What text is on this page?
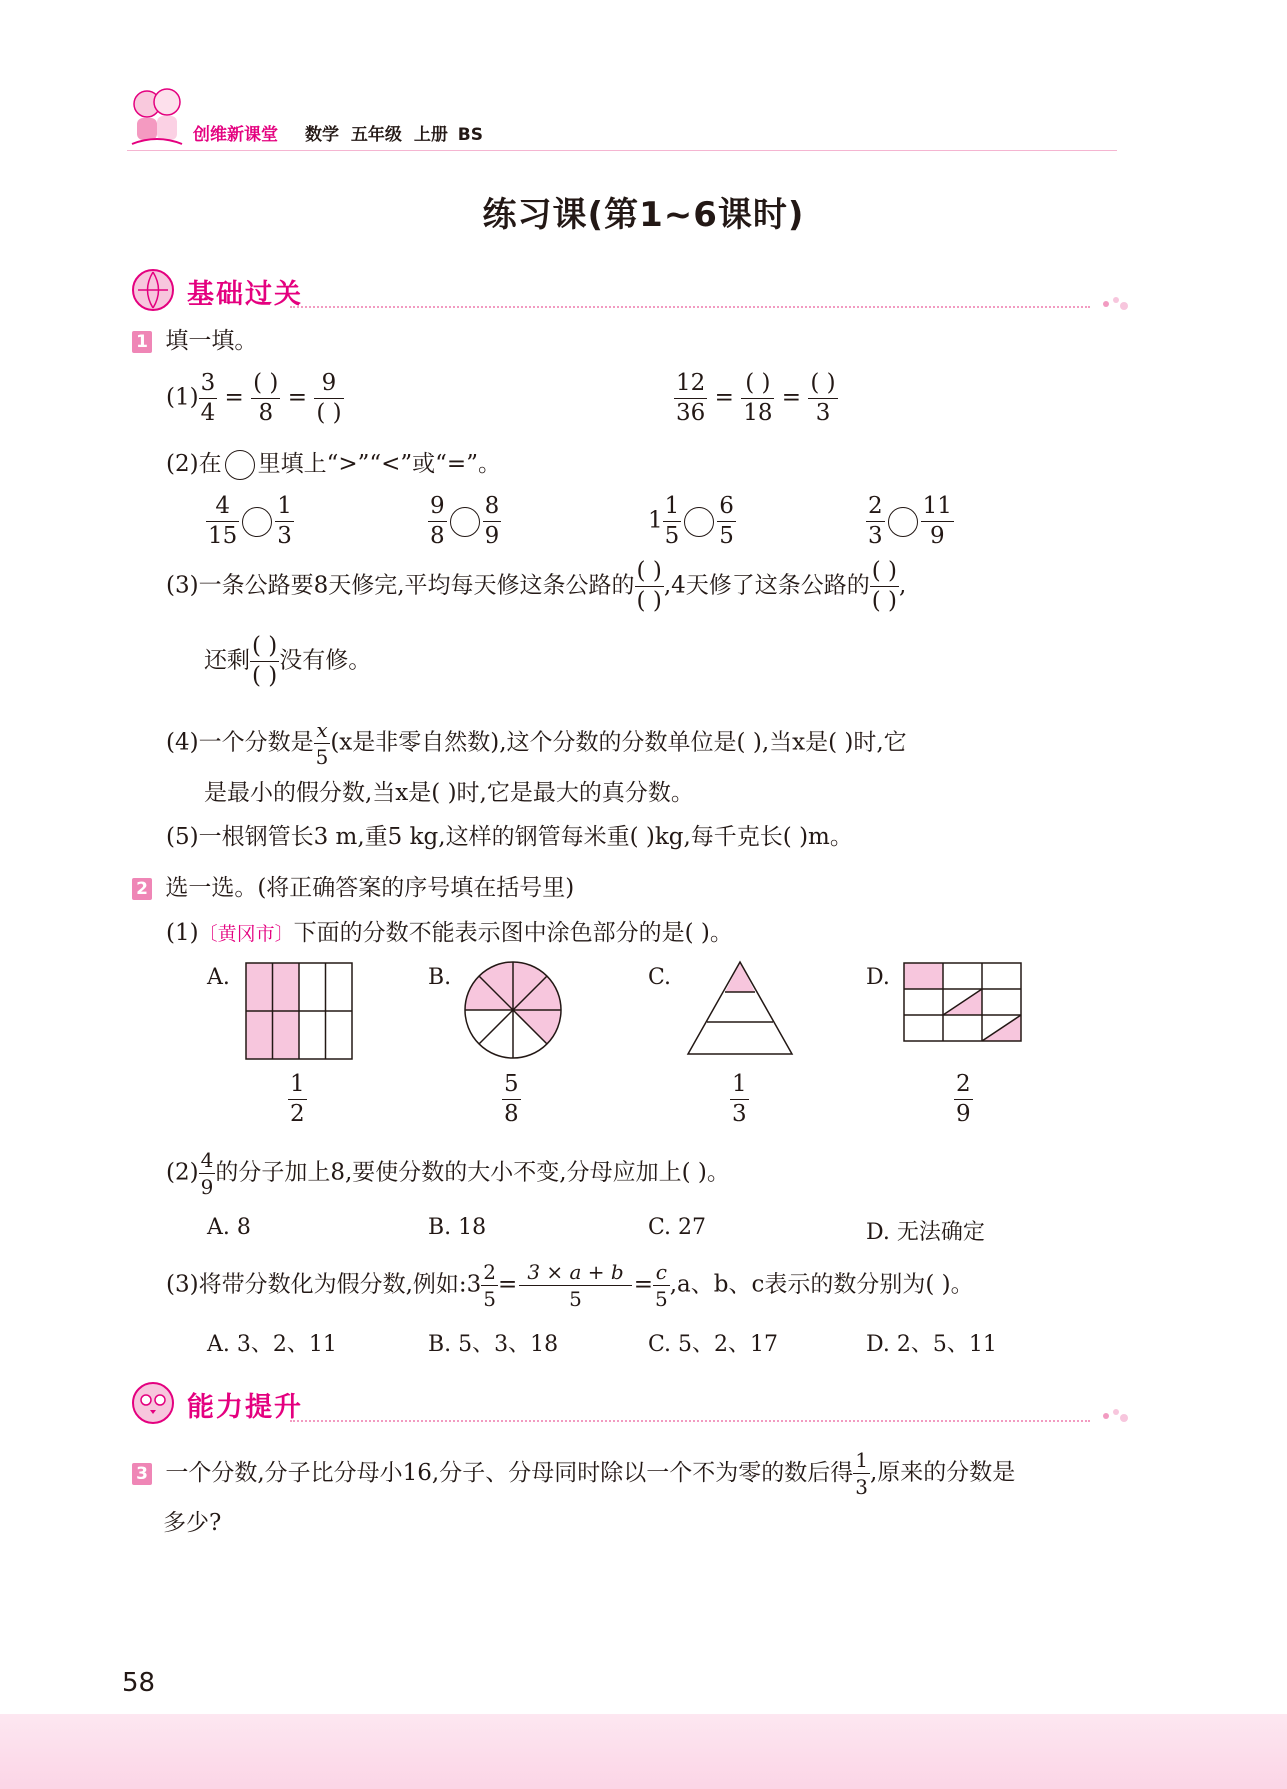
创维新课堂 数学 五年级 上册 BS
练习课(第1~6课时)
基础过关
1 填一填。
$(1) \frac{3}{4} = \frac{( )}{8} = \frac{9}{( )}$	$\frac{12}{36} = \frac{( )}{18} = \frac{( )}{3}$
(2)在 里填上“>”“<”或“=”。
$\frac{4}{15} \frac{1}{3}$	$\frac{9}{8} \frac{8}{9}$	$1 \frac{1}{5} \frac{6}{5}$	$\frac{2}{3} \frac{11}{9}$
(3)一条公路要8天修完,平均每天修这条公路的 $\frac{( )}{( )} ,4$天修了这条公路的 $\frac{( )}{( )}$ ,
还剩 $\frac{( )}{( )}$ 没有修。
(4)一个分数是 $\frac{x}{5} (x$是非零自然数),这个分数的分数单位是( ),当x是( )时,它
是最小的假分数,当x是( )时,它是最大的真分数。
(5)一根钢管长3 m,重5 kg,这样的钢管每米重( )kg,每千克长( )m。
2 选一选。(将正确答案的序号填在括号里)
(1)〔黄冈市〕下面的分数不能表示图中涂色部分的是( )。
A.	B.	C.	D.
$\frac{1}{2}$	$\frac{5}{8}$	$\frac{1}{3}$	$\frac{2}{9}$
$(2) \frac{4}{9}$ 的分子加上8,要使分数的大小不变,分母应加上( )。
A. 8	B. 18	C. 27	D. 无法确定
(3)将带分数化为假分数,例如:3 $\frac{2}{5} = \frac{3 \times a + b}{5} = \frac{c}{5} ,a$、b、c表示的数分别为( )。
A. 3、2、11	B. 5、3、18	C. 5、2、17	D. 2、5、11
能力提升
3 一个分数,分子比分母小16,分子、分母同时除以一个不为零的数后得 $\frac{1}{3}$ ,原来的分数是
多少?
58
